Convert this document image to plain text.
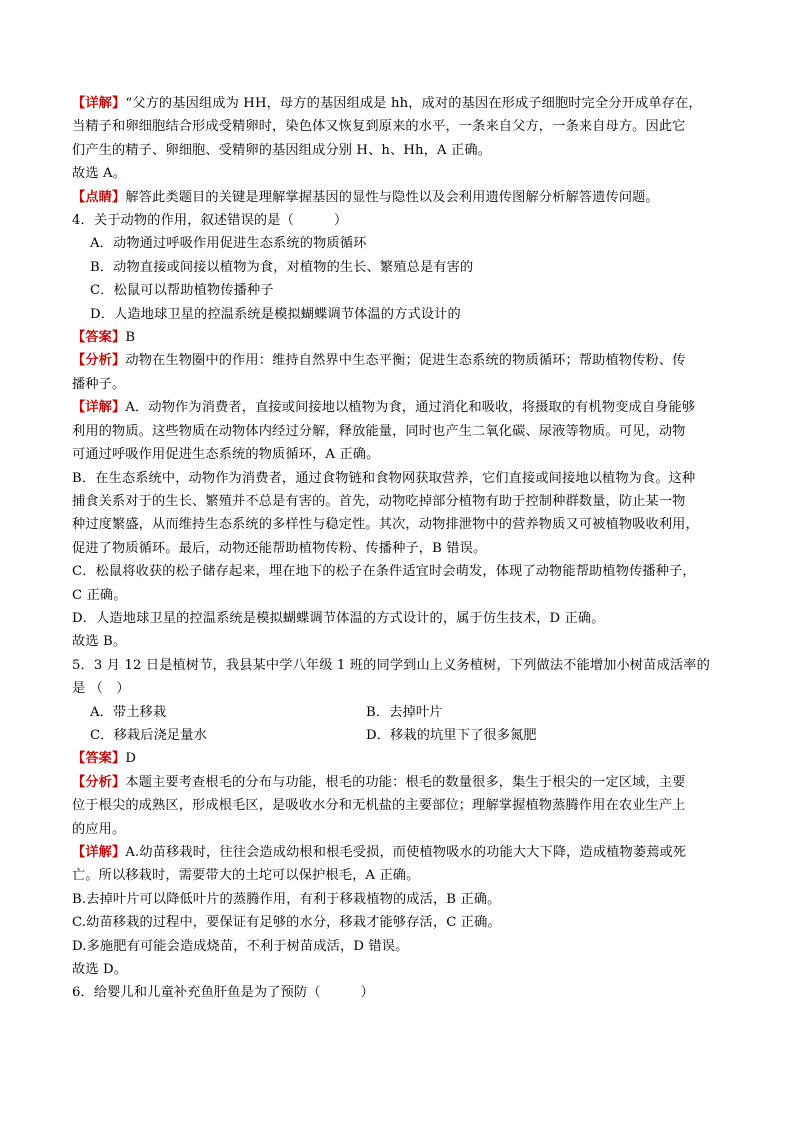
【详解】“父方的基因组成为 HH，母方的基因组成是 hh，成对的基因在形成子细胞时完全分开成单存在，
当精子和卵细胞结合形成受精卵时，染色体又恢复到原来的水平，一条来自父方，一条来自母方。因此它
们产生的精子、卵细胞、受精卵的基因组成分别 H、h、Hh，A 正确。
故选 A。
【点睛】解答此类题目的关键是理解掌握基因的显性与隐性以及会利用遗传图解分析解答遗传问题。
4．关于动物的作用，叙述错误的是（　　　）
A．动物通过呼吸作用促进生态系统的物质循环
B．动物直接或间接以植物为食，对植物的生长、繁殖总是有害的
C．松鼠可以帮助植物传播种子
D．人造地球卫星的控温系统是模拟蝴蝶调节体温的方式设计的
【答案】B
【分析】动物在生物圈中的作用：维持自然界中生态平衡；促进生态系统的物质循环；帮助植物传粉、传
播种子。
【详解】A．动物作为消费者，直接或间接地以植物为食，通过消化和吸收，将摄取的有机物变成自身能够
利用的物质。这些物质在动物体内经过分解，释放能量，同时也产生二氧化碳、尿液等物质。可见，动物
可通过呼吸作用促进生态系统的物质循环，A 正确。
B．在生态系统中，动物作为消费者，通过食物链和食物网获取营养，它们直接或间接地以植物为食。这种
捕食关系对于的生长、繁殖并不总是有害的。首先，动物吃掉部分植物有助于控制种群数量，防止某一物
种过度繁盛，从而维持生态系统的多样性与稳定性。其次，动物排泄物中的营养物质又可被植物吸收利用，
促进了物质循环。最后，动物还能帮助植物传粉、传播种子，B 错误。
C．松鼠将收获的松子储存起来，埋在地下的松子在条件适宜时会萌发，体现了动物能帮助植物传播种子，
C 正确。
D．人造地球卫星的控温系统是模拟蝴蝶调节体温的方式设计的，属于仿生技术，D 正确。
故选 B。
5．3 月 12 日是植树节，我县某中学八年级 1 班的同学到山上义务植树，下列做法不能增加小树苗成活率的
是 （　）
A．带土移栽	B．去掉叶片
C．移栽后浇足量水	D．移栽的坑里下了很多氮肥
【答案】D
【分析】本题主要考查根毛的分布与功能，根毛的功能：根毛的数量很多，集生于根尖的一定区域，主要
位于根尖的成熟区，形成根毛区，是吸收水分和无机盐的主要部位；理解掌握植物蒸腾作用在农业生产上
的应用。
【详解】A.幼苗移栽时，往往会造成幼根和根毛受损，而使植物吸水的功能大大下降，造成植物萎蔫或死
亡。所以移栽时，需要带大的土坨可以保护根毛，A 正确。
B.去掉叶片可以降低叶片的蒸腾作用，有利于移栽植物的成活，B 正确。
C.幼苗移栽的过程中，要保证有足够的水分，移栽才能够存活，C 正确。
D.多施肥有可能会造成烧苗，不利于树苗成活，D 错误。
故选 D。
6．给婴儿和儿童补充鱼肝鱼是为了预防（　　　）
